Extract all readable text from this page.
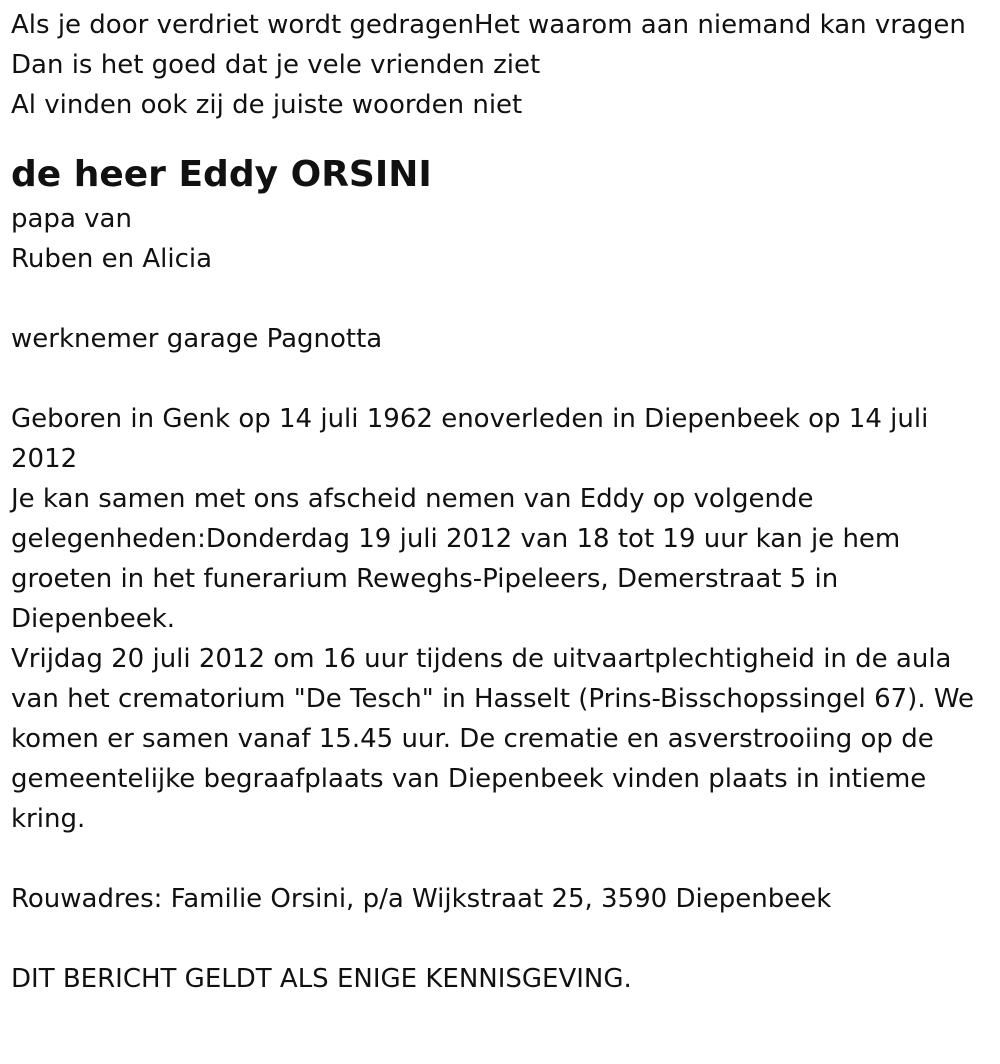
Als je door verdriet wordt gedragenHet waarom aan niemand kan vragen

Dan is het goed dat je vele vrienden ziet

Al vinden ook zij de juiste woorden niet

de heer Eddy ORSINI

papa van

Ruben en Alicia

werknemer garage Pagnotta

Geboren in Genk op 14 juli 1962 enoverleden in Diepenbeek op 14 juli 2012

Je kan samen met ons afscheid nemen van Eddy op volgende gelegenheden:Donderdag 19 juli 2012 van 18 tot 19 uur kan je hem groeten in het funerarium Reweghs-Pipeleers, Demerstraat 5 in Diepenbeek.

Vrijdag 20 juli 2012 om 16 uur tijdens de uitvaartplechtigheid in de aula van het crematorium "De Tesch" in Hasselt (Prins-Bisschopssingel 67). We komen er samen vanaf 15.45 uur. De crematie en asverstrooiing op de gemeentelijke begraafplaats van Diepenbeek vinden plaats in intieme kring.

Rouwadres: Familie Orsini, p/a Wijkstraat 25, 3590 Diepenbeek

DIT BERICHT GELDT ALS ENIGE KENNISGEVING.
